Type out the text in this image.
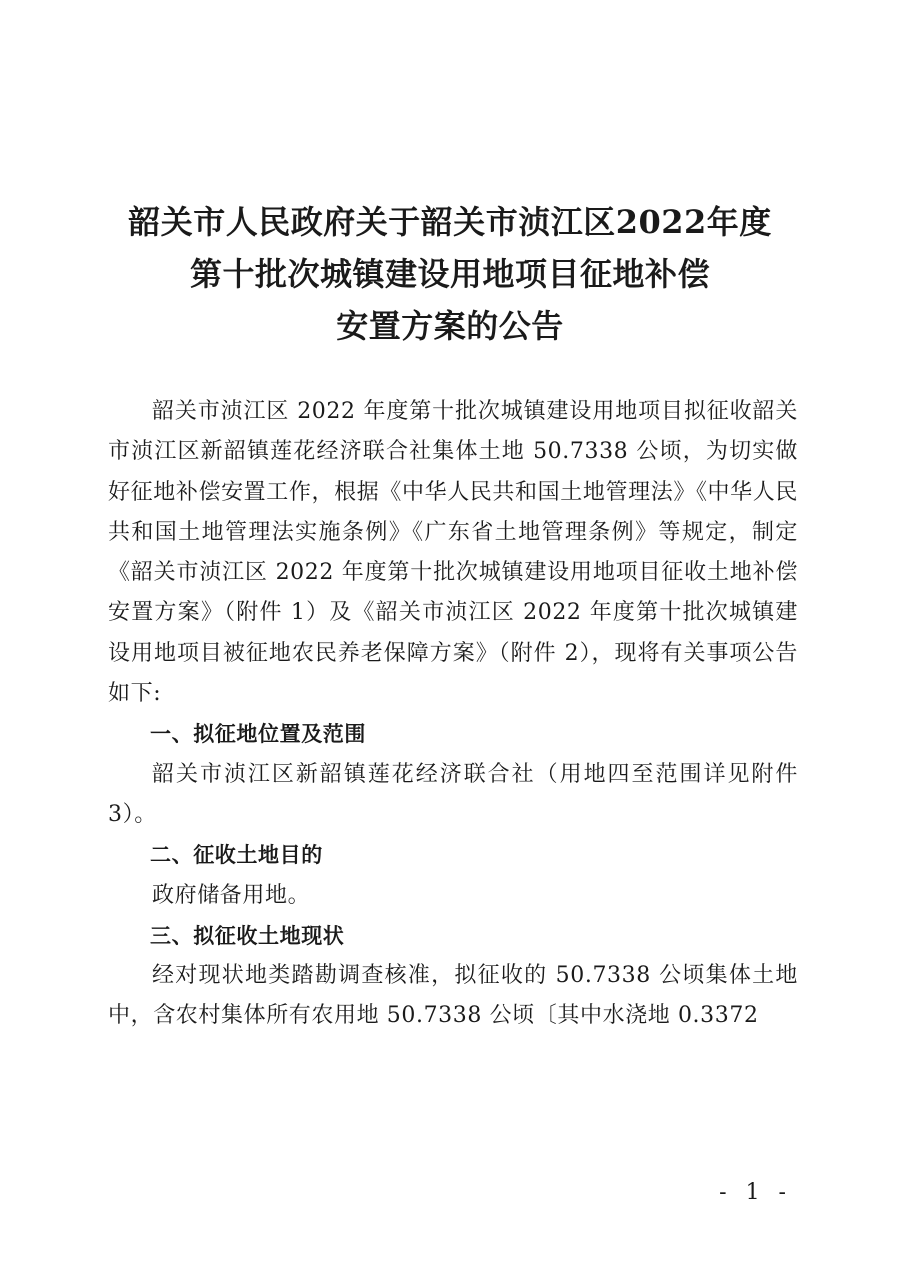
韶关市人民政府关于韶关市浈江区2022年度
第十批次城镇建设用地项目征地补偿
安置方案的公告

韶关市浈江区 2022 年度第十批次城镇建设用地项目拟征收韶关市浈江区新韶镇莲花经济联合社集体土地 50.7338 公顷，为切实做好征地补偿安置工作，根据《中华人民共和国土地管理法》《中华人民共和国土地管理法实施条例》《广东省土地管理条例》等规定，制定《韶关市浈江区 2022 年度第十批次城镇建设用地项目征收土地补偿安置方案》（附件 1）及《韶关市浈江区 2022 年度第十批次城镇建设用地项目被征地农民养老保障方案》（附件 2），现将有关事项公告如下:

一、拟征地位置及范围

韶关市浈江区新韶镇莲花经济联合社（用地四至范围详见附件 3）。

二、征收土地目的

政府储备用地。

三、拟征收土地现状

经对现状地类踏勘调查核准，拟征收的 50.7338 公顷集体土地中，含农村集体所有农用地 50.7338 公顷〔其中水浇地 0.3372

- 1 -
